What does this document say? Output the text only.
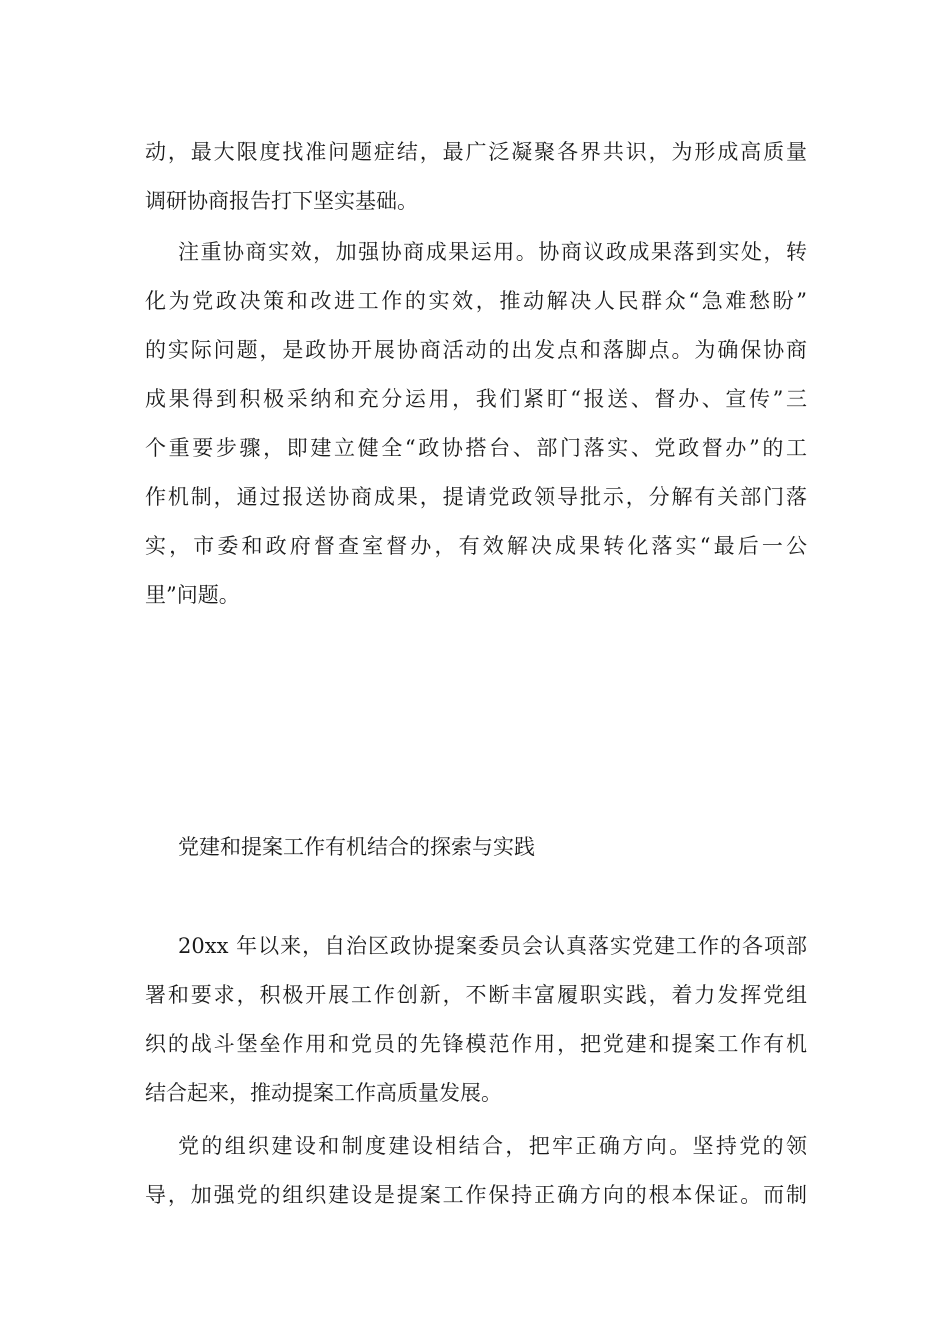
动，最大限度找准问题症结，最广泛凝聚各界共识，为形成高质量
调研协商报告打下坚实基础。
注重协商实效，加强协商成果运用。协商议政成果落到实处，转
化为党政决策和改进工作的实效，推动解决人民群众“急难愁盼”
的实际问题，是政协开展协商活动的出发点和落脚点。为确保协商
成果得到积极采纳和充分运用，我们紧盯“报送、督办、宣传”三
个重要步骤，即建立健全“政协搭台、部门落实、党政督办”的工
作机制，通过报送协商成果，提请党政领导批示，分解有关部门落
实，市委和政府督查室督办，有效解决成果转化落实“最后一公
里”问题。
党建和提案工作有机结合的探索与实践
20xx 年以来，自治区政协提案委员会认真落实党建工作的各项部
署和要求，积极开展工作创新，不断丰富履职实践，着力发挥党组
织的战斗堡垒作用和党员的先锋模范作用，把党建和提案工作有机
结合起来，推动提案工作高质量发展。
党的组织建设和制度建设相结合，把牢正确方向。坚持党的领
导，加强党的组织建设是提案工作保持正确方向的根本保证。而制
